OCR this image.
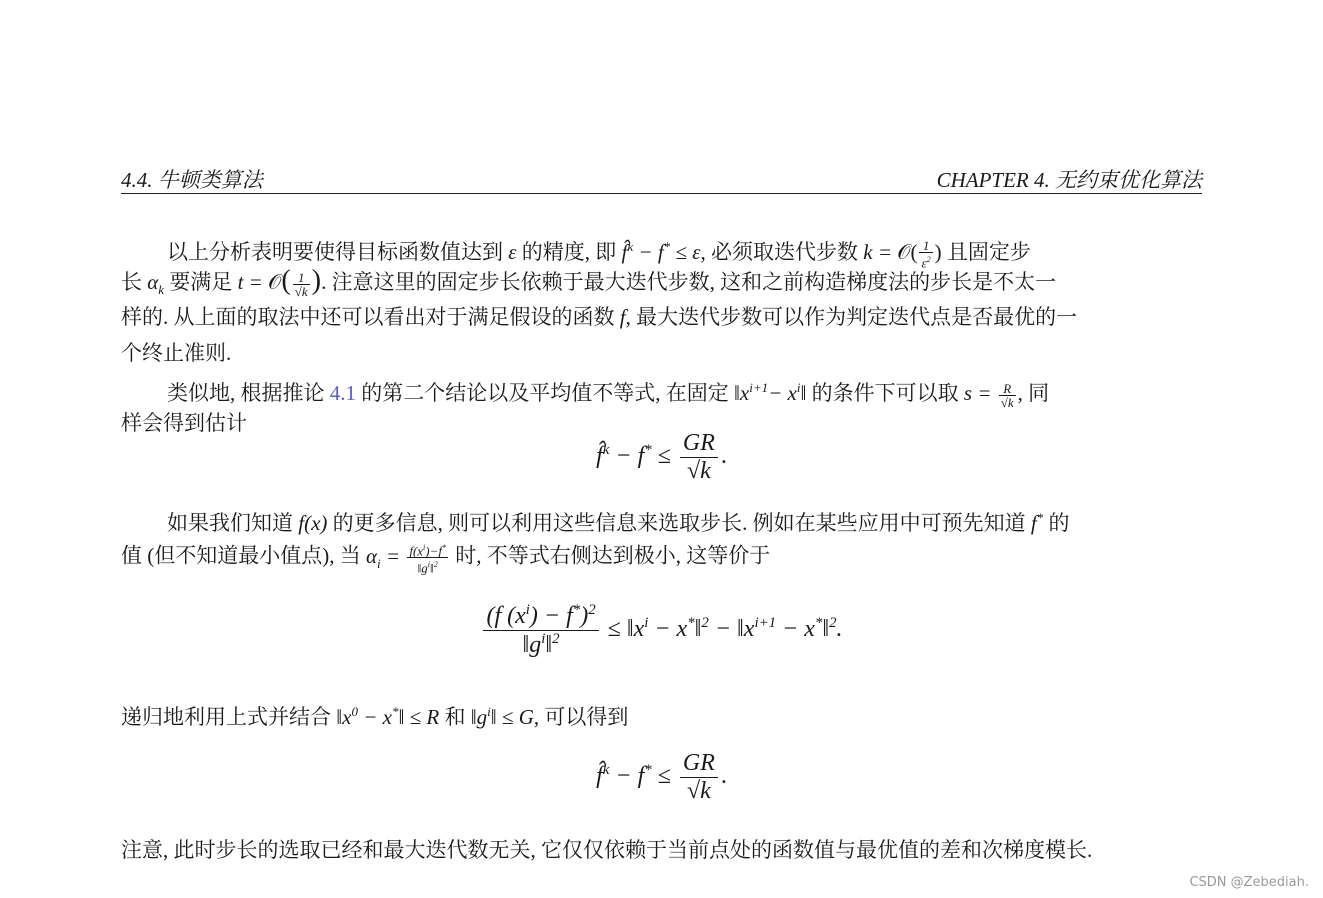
4.4. 牛顿类算法	CHAPTER 4. 无约束优化算法
以上分析表明要使得目标函数值达到 ε 的精度, 即 f̂$^k$ − f* ≤ ε, 必须取迭代步数 k = 𝒪( $\frac{1}{\varepsilon^2}$ ) 且固定步
长 $\alpha_k$ 要满足 t = 𝒪( $\frac{1}{√k}$ ). 注意这里的固定步长依赖于最大迭代步数, 这和之前构造梯度法的步长是不太一
样的. 从上面的取法中还可以看出对于满足假设的函数 f, 最大迭代步数可以作为判定迭代点是否最优的一
个终止准则.
类似地, 根据推论 4.1 的第二个结论以及平均值不等式, 在固定 $‖x^{i+1}-$ $x^i‖$ 的条件下可以取 $s = \frac{R}{√k}$ , 同
样会得到估计
f̂$^k$ − $f^* \le \frac{GR}{√k}$ .
如果我们知道 f(x) 的更多信息, 则可以利用这些信息来选取步长. 例如在某些应用中可预先知道 f* 的
值 (但不知道最小值点), 当 $\alpha_i = \frac{f(x^i)-f^*}{‖g^i‖^2}$ 时, 不等式右侧达到极小, 这等价于
$\frac{(f (x^i) - f^*)^2}{‖g^i‖^2}$ ≤ $‖x^i$ − x*‖$^2$ − $‖x^{i+1}$ − x*‖$^2$.
递归地利用上式并结合 $‖x^0$ − x*‖ ≤ R 和 $‖g^i‖ \le G$, 可以得到
f̂$^k$ − $f^* \le \frac{GR}{√k}$ .
注意, 此时步长的选取已经和最大迭代数无关, 它仅仅依赖于当前点处的函数值与最优值的差和次梯度模长.
CSDN @Zebediah.
